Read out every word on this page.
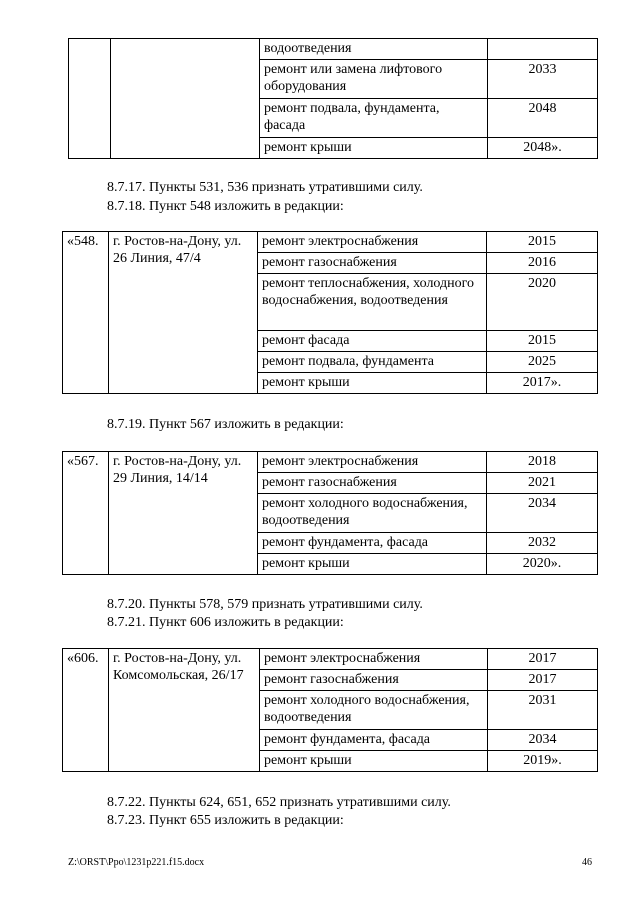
		водоотведения	
		ремонт или замена лифтового оборудования	2033
		ремонт подвала, фундамента, фасада	2048
		ремонт крыши	2048».
8.7.17. Пункты 531, 536 признать утратившими силу.
8.7.18. Пункт 548 изложить в редакции:
«548.	г. Ростов-на-Дону, ул. 26 Линия, 47/4	ремонт электроснабжения	2015
		ремонт газоснабжения	2016
		ремонт теплоснабжения, холодного водоснабжения, водоотведения	2020
		ремонт фасада	2015
		ремонт подвала, фундамента	2025
		ремонт крыши	2017».
8.7.19. Пункт 567 изложить в редакции:
«567.	г. Ростов-на-Дону, ул. 29 Линия, 14/14	ремонт электроснабжения	2018
		ремонт газоснабжения	2021
		ремонт холодного водоснабжения, водоотведения	2034
		ремонт фундамента, фасада	2032
		ремонт крыши	2020».
8.7.20. Пункты 578, 579 признать утратившими силу.
8.7.21. Пункт 606 изложить в редакции:
«606.	г. Ростов-на-Дону, ул. Комсомольская, 26/17	ремонт электроснабжения	2017
		ремонт газоснабжения	2017
		ремонт холодного водоснабжения, водоотведения	2031
		ремонт фундамента, фасада	2034
		ремонт крыши	2019».
8.7.22. Пункты 624, 651, 652 признать утратившими силу.
8.7.23. Пункт 655 изложить в редакции:
Z:\ORST\Ppo\1231p221.f15.docx	46
